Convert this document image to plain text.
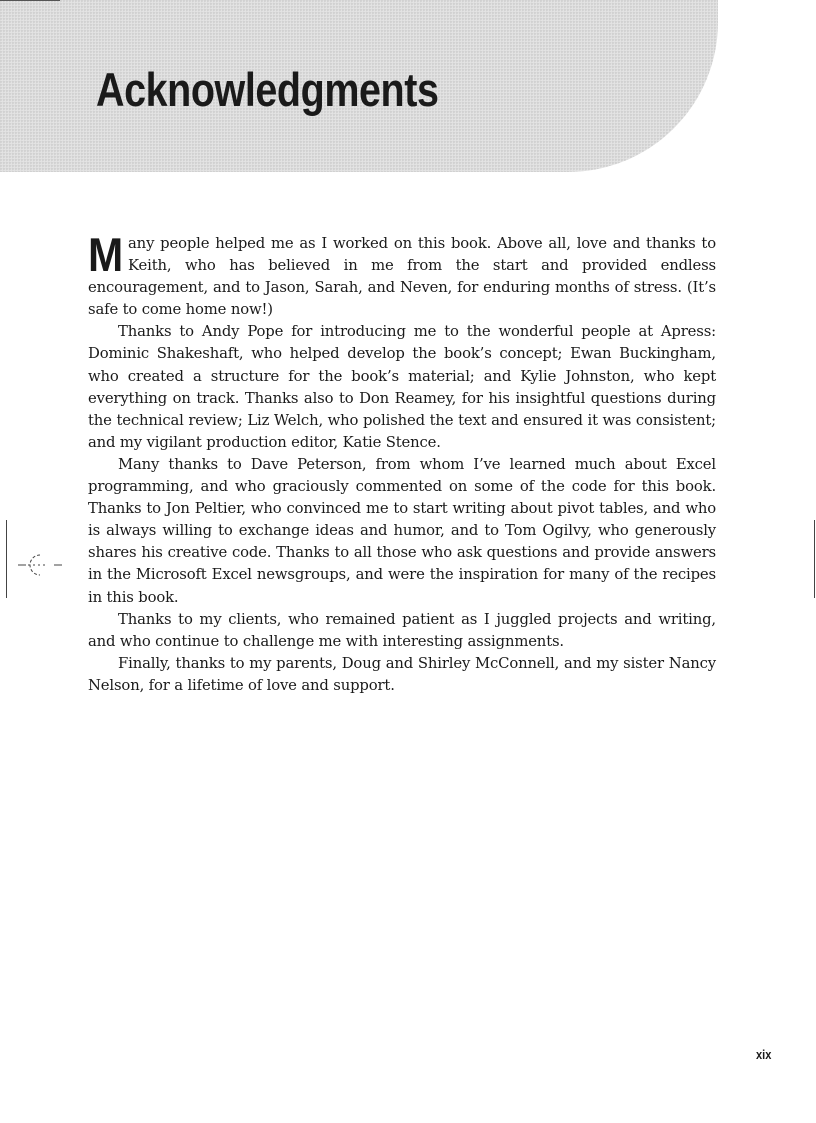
Acknowledgments

Many people helped me as I worked on this book. Above all, love and thanks to Keith, who has believed in me from the start and provided endless encouragement, and to Jason, Sarah, and Neven, for enduring months of stress. (It’s safe to come home now!)

Thanks to Andy Pope for introducing me to the wonderful people at Apress: Dominic Shakeshaft, who helped develop the book’s concept; Ewan Buckingham, who created a structure for the book’s material; and Kylie Johnston, who kept everything on track. Thanks also to Don Reamey, for his insightful questions during the technical review; Liz Welch, who polished the text and ensured it was consistent; and my vigilant production editor, Katie Stence.

Many thanks to Dave Peterson, from whom I’ve learned much about Excel programming, and who graciously commented on some of the code for this book. Thanks to Jon Peltier, who convinced me to start writing about pivot tables, and who is always willing to exchange ideas and humor, and to Tom Ogilvy, who generously shares his creative code. Thanks to all those who ask questions and provide answers in the Microsoft Excel newsgroups, and were the inspiration for many of the recipes in this book.

Thanks to my clients, who remained patient as I juggled projects and writing, and who continue to challenge me with interesting assignments.

Finally, thanks to my parents, Doug and Shirley McConnell, and my sister Nancy Nelson, for a lifetime of love and support.

xix
